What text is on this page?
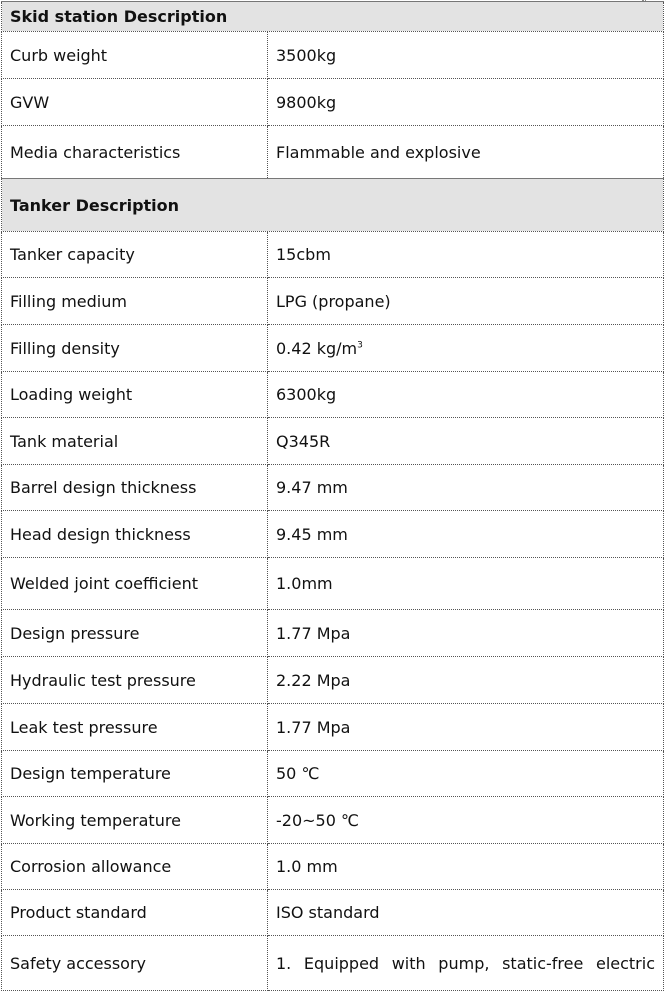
Skid station Description	
Curb weight	3500kg
GVW	9800kg
Media characteristics	Flammable and explosive
Tanker Description	
Tanker capacity	15cbm
Filling medium	LPG (propane)
Filling density	0.42 $kg/m^3$
Loading weight	6300kg
Tank material	Q345R
Barrel design thickness	9.47 mm
Head design thickness	9.45 mm
Welded joint coefficient	1.0mm
Design pressure	1.77 Mpa
Hydraulic test pressure	2.22 Mpa
Leak test pressure	1.77 Mpa
Design temperature	50 ℃
Working temperature	-20~50 ℃
Corrosion allowance	1.0 mm
Product standard	ISO standard
Safety accessory	1. Equipped with pump, static-free electric
